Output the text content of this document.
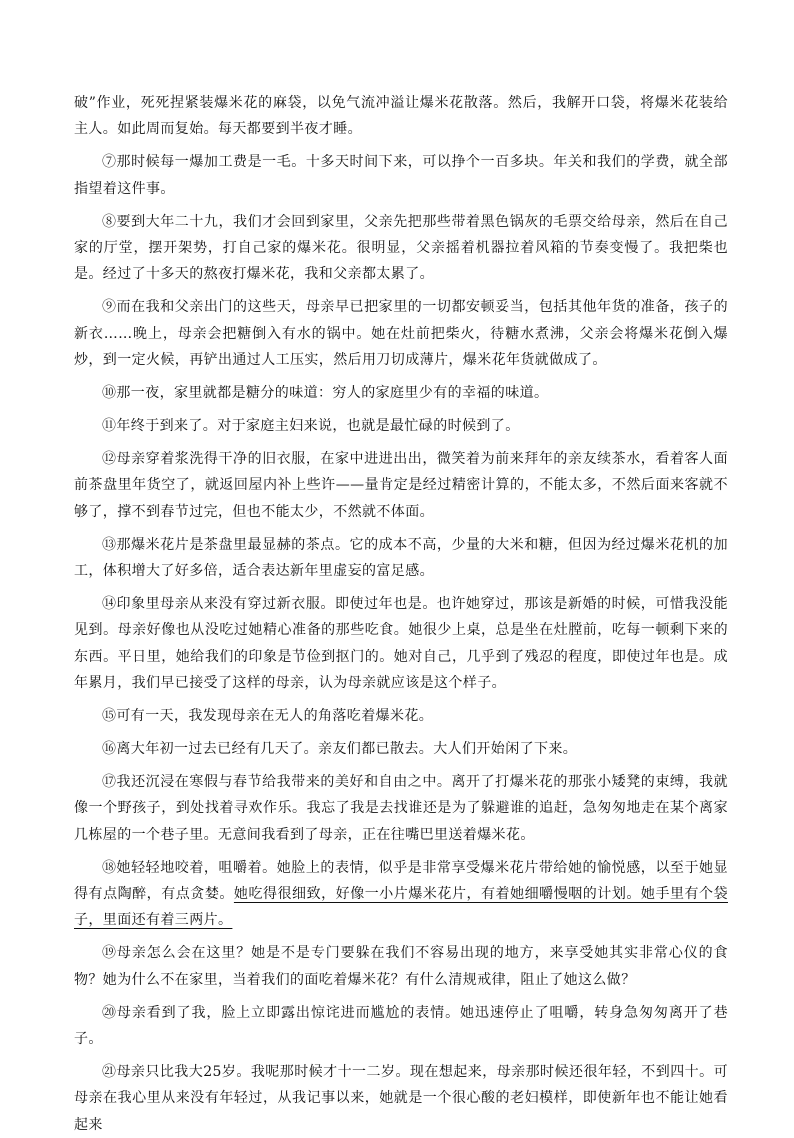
破”作业，死死捏紧装爆米花的麻袋，以免气流冲溢让爆米花散落。然后，我解开口袋，将爆米花装给主人。如此周而复始。每天都要到半夜才睡。

⑦那时候每一爆加工费是一毛。十多天时间下来，可以挣个一百多块。年关和我们的学费，就全部指望着这件事。

⑧要到大年二十九，我们才会回到家里，父亲先把那些带着黑色锅灰的毛票交给母亲，然后在自己家的厅堂，摆开架势，打自己家的爆米花。很明显，父亲摇着机器拉着风箱的节奏变慢了。我把柴也是。经过了十多天的熬夜打爆米花，我和父亲都太累了。

⑨而在我和父亲出门的这些天，母亲早已把家里的一切都安顿妥当，包括其他年货的准备，孩子的新衣……晚上，母亲会把糖倒入有水的锅中。她在灶前把柴火，待糖水煮沸，父亲会将爆米花倒入爆炒，到一定火候，再铲出通过人工压实，然后用刀切成薄片，爆米花年货就做成了。

⑩那一夜，家里就都是糖分的味道：穷人的家庭里少有的幸福的味道。

⑪年终于到来了。对于家庭主妇来说，也就是最忙碌的时候到了。

⑫母亲穿着浆洗得干净的旧衣服，在家中进进出出，微笑着为前来拜年的亲友续茶水，看着客人面前茶盘里年货空了，就返回屋内补上些许——量肯定是经过精密计算的，不能太多，不然后面来客就不够了，撑不到春节过完，但也不能太少，不然就不体面。

⑬那爆米花片是茶盘里最显赫的茶点。它的成本不高，少量的大米和糖，但因为经过爆米花机的加工，体积增大了好多倍，适合表达新年里虚妄的富足感。

⑭印象里母亲从来没有穿过新衣服。即使过年也是。也许她穿过，那该是新婚的时候，可惜我没能见到。母亲好像也从没吃过她精心准备的那些吃食。她很少上桌，总是坐在灶膛前，吃每一顿剩下来的东西。平日里，她给我们的印象是节俭到抠门的。她对自己，几乎到了残忍的程度，即使过年也是。成年累月，我们早已接受了这样的母亲，认为母亲就应该是这个样子。

⑮可有一天，我发现母亲在无人的角落吃着爆米花。

⑯离大年初一过去已经有几天了。亲友们都已散去。大人们开始闲了下来。

⑰我还沉浸在寒假与春节给我带来的美好和自由之中。离开了打爆米花的那张小矮凳的束缚，我就像一个野孩子，到处找着寻欢作乐。我忘了我是去找谁还是为了躲避谁的追赶，急匆匆地走在某个离家几栋屋的一个巷子里。无意间我看到了母亲，正在往嘴巴里送着爆米花。

⑱她轻轻地咬着，咀嚼着。她脸上的表情，似乎是非常享受爆米花片带给她的愉悦感，以至于她显得有点陶醉，有点贪婪。她吃得很细致，好像一小片爆米花片，有着她细嚼慢咽的计划。她手里有个袋子，里面还有着三两片。

⑲母亲怎么会在这里？她是不是专门要躲在我们不容易出现的地方，来享受她其实非常心仪的食物？她为什么不在家里，当着我们的面吃着爆米花？有什么清规戒律，阻止了她这么做？

⑳母亲看到了我，脸上立即露出惊诧进而尴尬的表情。她迅速停止了咀嚼，转身急匆匆离开了巷子。

㉑母亲只比我大25岁。我呢那时候才十一二岁。现在想起来，母亲那时候还很年轻，不到四十。可母亲在我心里从来没有年轻过，从我记事以来，她就是一个很心酸的老妇模样，即使新年也不能让她看起来
